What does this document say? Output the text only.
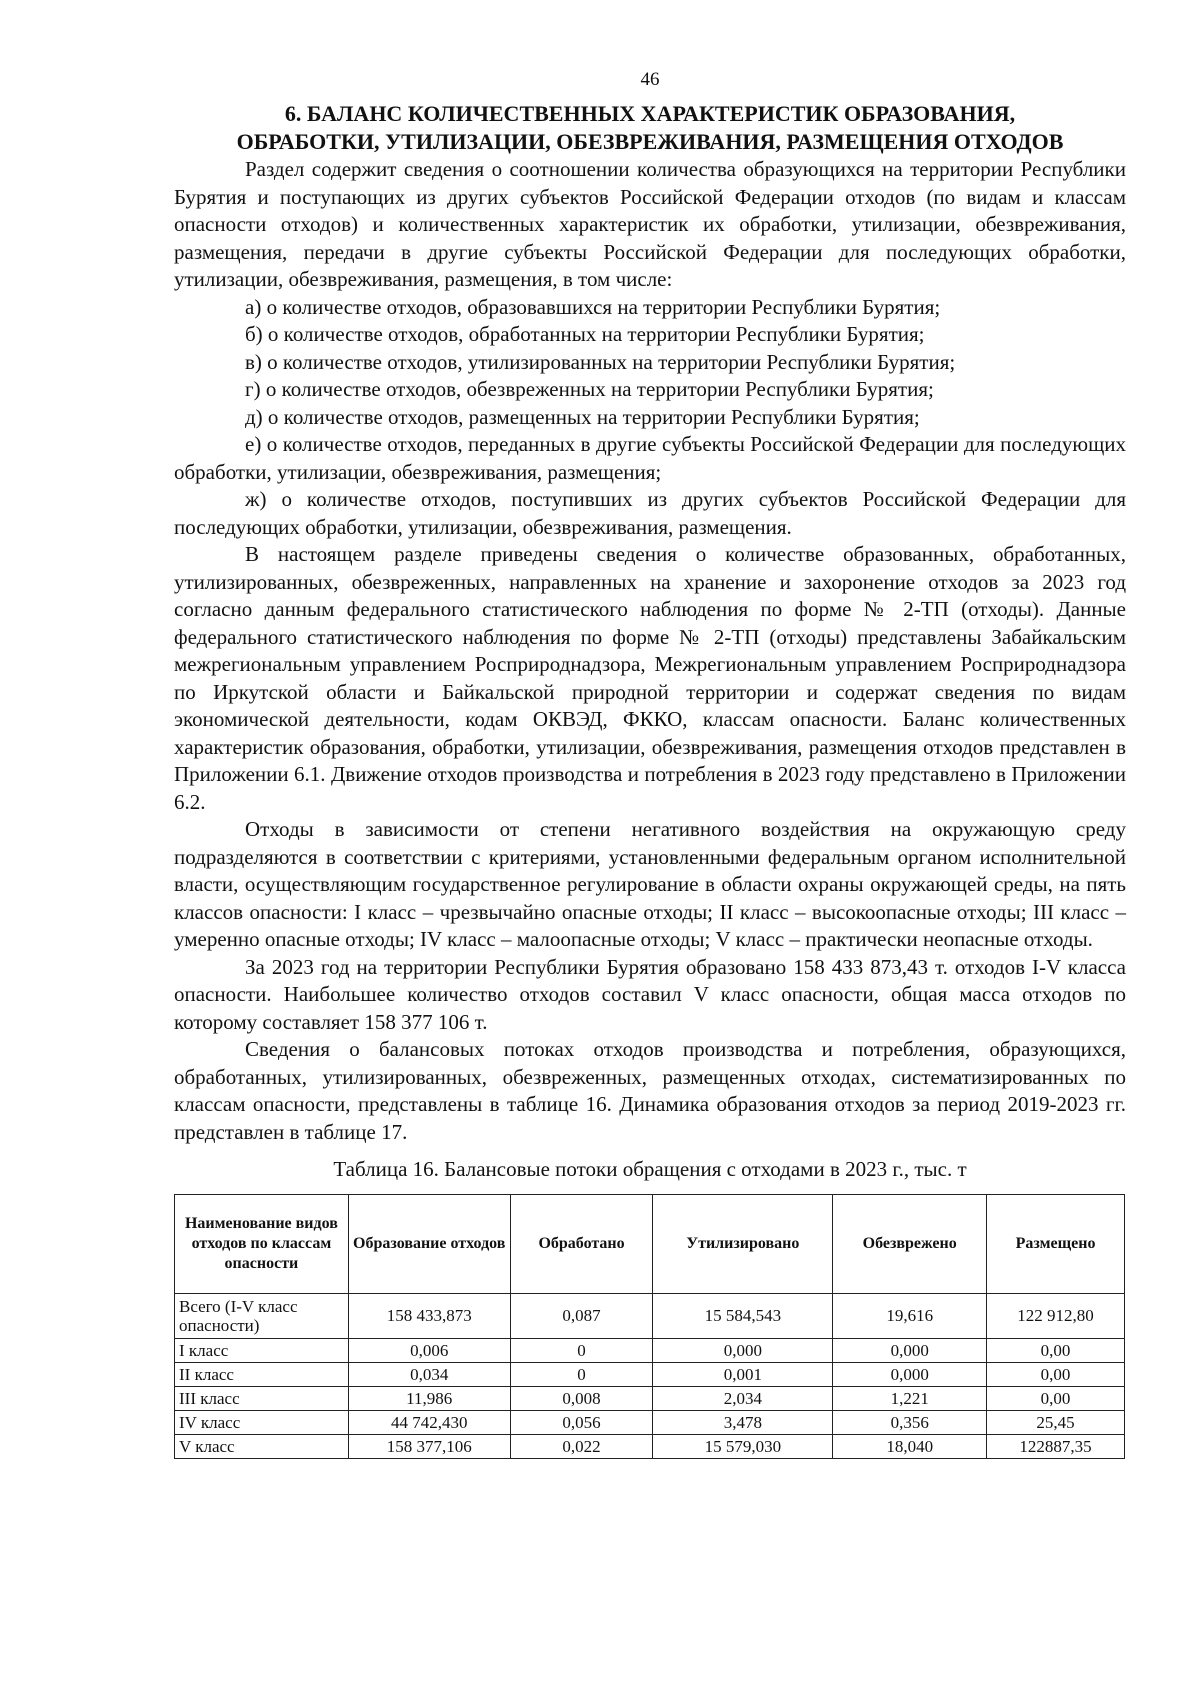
46
6. БАЛАНС КОЛИЧЕСТВЕННЫХ ХАРАКТЕРИСТИК ОБРАЗОВАНИЯ,
ОБРАБОТКИ, УТИЛИЗАЦИИ, ОБЕЗВРЕЖИВАНИЯ, РАЗМЕЩЕНИЯ ОТХОДОВ

Раздел содержит сведения о соотношении количества образующихся на территории Республики Бурятия и поступающих из других субъектов Российской Федерации отходов (по видам и классам опасности отходов) и количественных характеристик их обработки, утилизации, обезвреживания, размещения, передачи в другие субъекты Российской Федерации для последующих обработки, утилизации, обезвреживания, размещения, в том числе:

а) о количестве отходов, образовавшихся на территории Республики Бурятия;

б) о количестве отходов, обработанных на территории Республики Бурятия;

в) о количестве отходов, утилизированных на территории Республики Бурятия;

г) о количестве отходов, обезвреженных на территории Республики Бурятия;

д) о количестве отходов, размещенных на территории Республики Бурятия;

е) о количестве отходов, переданных в другие субъекты Российской Федерации для последующих обработки, утилизации, обезвреживания, размещения;

ж) о количестве отходов, поступивших из других субъектов Российской Федерации для последующих обработки, утилизации, обезвреживания, размещения.

В настоящем разделе приведены сведения о количестве образованных, обработанных, утилизированных, обезвреженных, направленных на хранение и захоронение отходов за 2023 год согласно данным федерального статистического наблюдения по форме № 2-ТП (отходы). Данные федерального статистического наблюдения по форме № 2-ТП (отходы) представлены Забайкальским межрегиональным управлением Росприроднадзора, Межрегиональным управлением Росприроднадзора по Иркутской области и Байкальской природной территории и содержат сведения по видам экономической деятельности, кодам ОКВЭД, ФККО, классам опасности. Баланс количественных характеристик образования, обработки, утилизации, обезвреживания, размещения отходов представлен в Приложении 6.1. Движение отходов производства и потребления в 2023 году представлено в Приложении 6.2.

Отходы в зависимости от степени негативного воздействия на окружающую среду подразделяются в соответствии с критериями, установленными федеральным органом исполнительной власти, осуществляющим государственное регулирование в области охраны окружающей среды, на пять классов опасности: I класс – чрезвычайно опасные отходы; II класс – высокоопасные отходы; III класс – умеренно опасные отходы; IV класс – малоопасные отходы; V класс – практически неопасные отходы.

За 2023 год на территории Республики Бурятия образовано 158 433 873,43 т. отходов I-V класса опасности. Наибольшее количество отходов составил V класс опасности, общая масса отходов по которому составляет 158 377 106 т.

Сведения о балансовых потоках отходов производства и потребления, образующихся, обработанных, утилизированных, обезвреженных, размещенных отходах, систематизированных по классам опасности, представлены в таблице 16. Динамика образования отходов за период 2019-2023 гг. представлен в таблице 17.

Таблица 16. Балансовые потоки обращения с отходами в 2023 г., тыс. т
Наименование видов отходов по классам опасности	Образование отходов	Обработано	Утилизировано	Обезврежено	Размещено
Всего (I-V класс опасности)	158 433,873	0,087	15 584,543	19,616	122 912,80
I класс	0,006	0	0,000	0,000	0,00
II класс	0,034	0	0,001	0,000	0,00
III класс	11,986	0,008	2,034	1,221	0,00
IV класс	44 742,430	0,056	3,478	0,356	25,45
V класс	158 377,106	0,022	15 579,030	18,040	122887,35
